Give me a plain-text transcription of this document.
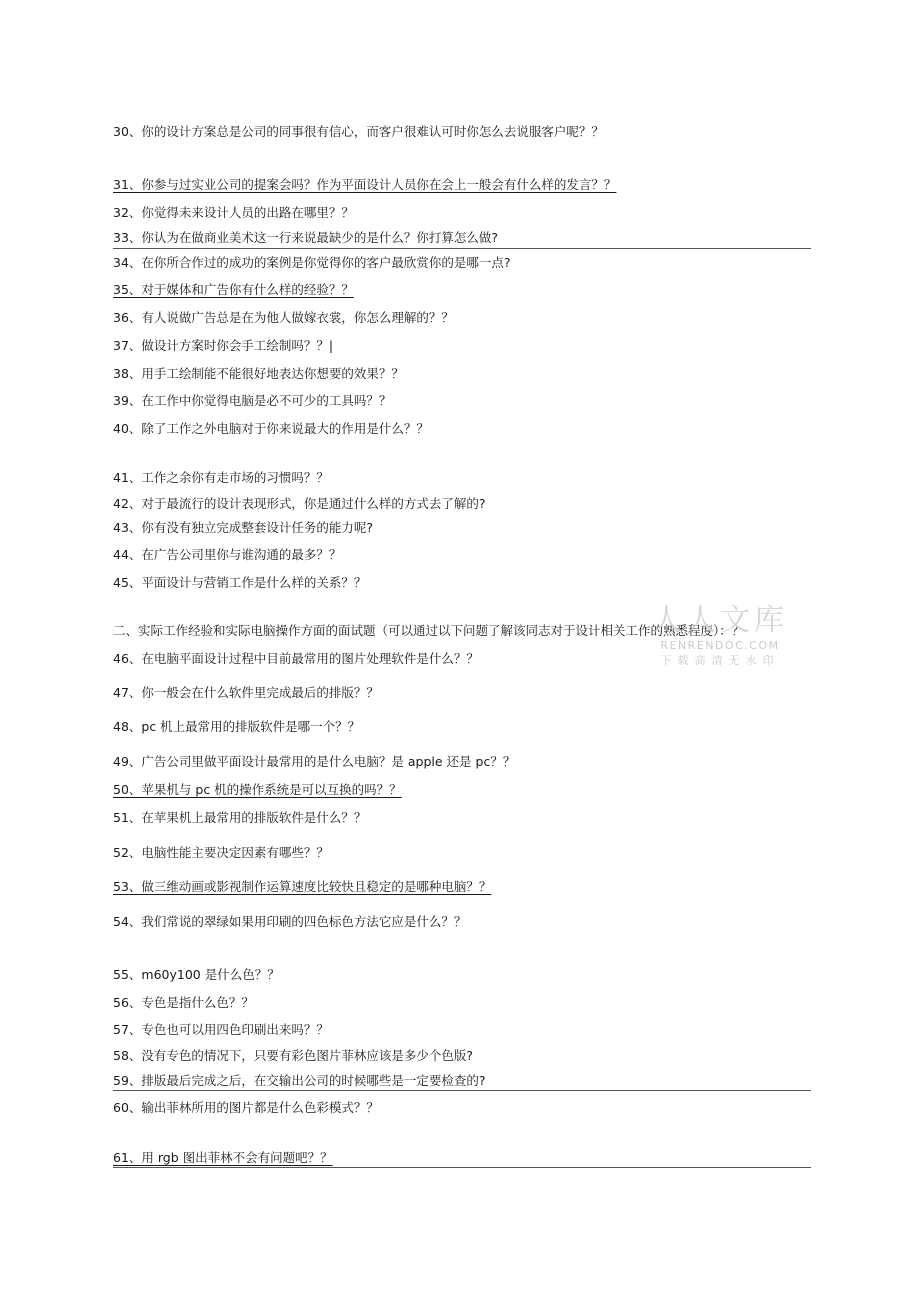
30、你的设计方案总是公司的同事很有信心，而客户很难认可时你怎么去说服客户呢？？
31、你参与过实业公司的提案会吗？作为平面设计人员你在会上一般会有什么样的发言？？
32、你觉得未来设计人员的出路在哪里？？
33、你认为在做商业美术这一行来说最缺少的是什么？你打算怎么做?
34、在你所合作过的成功的案例是你觉得你的客户最欣赏你的是哪一点?
35、对于媒体和广告你有什么样的经验？？
36、有人说做广告总是在为他人做嫁衣裳，你怎么理解的？？
37、做设计方案时你会手工绘制吗？？|
38、用手工绘制能不能很好地表达你想要的效果？？
39、在工作中你觉得电脑是必不可少的工具吗？？
40、除了工作之外电脑对于你来说最大的作用是什么？？
41、工作之余你有走市场的习惯吗？？
42、对于最流行的设计表现形式，你是通过什么样的方式去了解的?
43、你有没有独立完成整套设计任务的能力呢?
44、在广告公司里你与谁沟通的最多？？
45、平面设计与营销工作是什么样的关系？？
二、实际工作经验和实际电脑操作方面的面试题（可以通过以下问题了解该同志对于设计相关工作的熟悉程度）：？
46、在电脑平面设计过程中目前最常用的图片处理软件是什么？？
47、你一般会在什么软件里完成最后的排版？？
48、pc 机上最常用的排版软件是哪一个？？
49、广告公司里做平面设计最常用的是什么电脑？是 apple 还是 pc？？
50、苹果机与 pc 机的操作系统是可以互换的吗？？
51、在苹果机上最常用的排版软件是什么？？
52、电脑性能主要决定因素有哪些？？
53、做三维动画或影视制作运算速度比较快且稳定的是哪种电脑？？
54、我们常说的翠绿如果用印刷的四色标色方法它应是什么？？
55、m60y100 是什么色？？
56、专色是指什么色？？
57、专色也可以用四色印刷出来吗？？
58、没有专色的情况下，只要有彩色图片菲林应该是多少个色版?
59、排版最后完成之后，在交输出公司的时候哪些是一定要检查的?
60、输出菲林所用的图片都是什么色彩模式？？
61、用 rgb 图出菲林不会有问题吧？？
人人文库
RENRENDOC.COM
下载高清无水印
